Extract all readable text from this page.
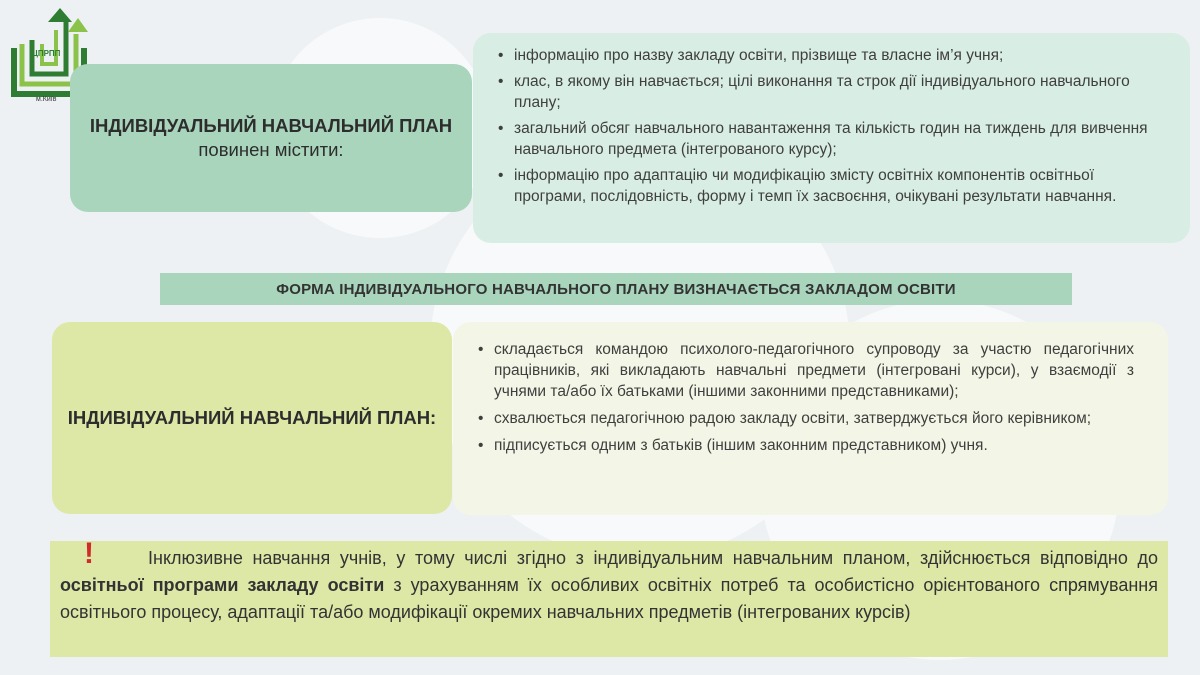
ЦПРПП
м.Київ
ІНДИВІДУАЛЬНИЙ НАВЧАЛЬНИЙ ПЛАН повинен містити:
• інформацію про назву закладу освіти, прізвище та власне ім’я учня;
• клас, в якому він навчається; цілі виконання та строк дії індивідуального навчального плану;
• загальний обсяг навчального навантаження та кількість годин на тиждень для вивчення навчального предмета (інтегрованого курсу);
• інформацію про адаптацію чи модифікацію змісту освітніх компонентів освітньої програми, послідовність, форму і темп їх засвоєння, очікувані результати навчання.
ФОРМА ІНДИВІДУАЛЬНОГО НАВЧАЛЬНОГО ПЛАНУ ВИЗНАЧАЄТЬСЯ ЗАКЛАДОМ ОСВІТИ
ІНДИВІДУАЛЬНИЙ НАВЧАЛЬНИЙ ПЛАН:
• складається командою психолого-педагогічного супроводу за участю педагогічних працівників, які викладають навчальні предмети (інтегровані курси), у взаємодії з учнями та/або їх батьками (іншими законними представниками);
• схвалюється педагогічною радою закладу освіти, затверджується його керівником;
• підписується одним з батьків (іншим законним представником) учня.
Інклюзивне навчання учнів, у тому числі згідно з індивідуальним навчальним планом, здійснюється відповідно до освітньої програми закладу освіти з урахуванням їх особливих освітніх потреб та особистісно орієнтованого спрямування освітнього процесу, адаптації та/або модифікації окремих навчальних предметів (інтегрованих курсів)
!
